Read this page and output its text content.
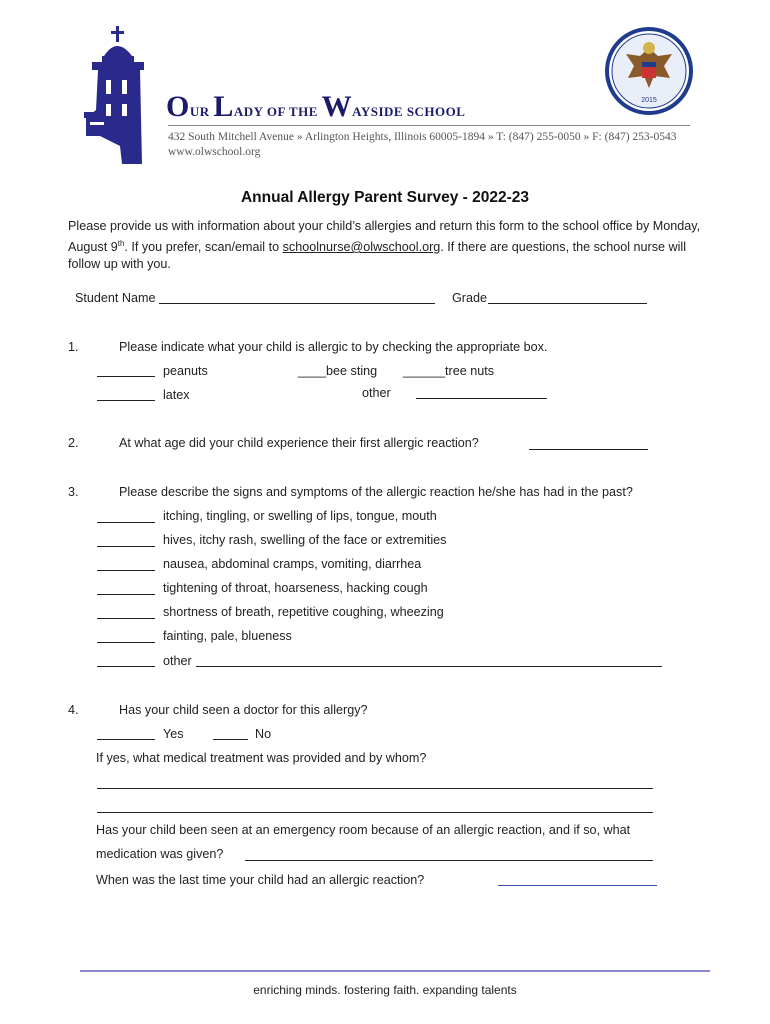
OUR LADY OF THE WAYSIDE SCHOOL
432 South Mitchell Avenue » Arlington Heights, Illinois 60005-1894 » T: (847) 255-0050 » F: (847) 253-0543
www.olwschool.org
2015
Annual Allergy Parent Survey - 2022-23
Please provide us with information about your child’s allergies and return this form to the school office by Monday, August 9th. If you prefer, scan/email to schoolnurse@olwschool.org. If there are questions, the school nurse will follow up with you.
Student Name	Grade
1.	Please indicate what your child is allergic to by checking the appropriate box.
peanuts	____bee sting ______tree nuts
latex	other
2.	At what age did your child experience their first allergic reaction?
3.	Please describe the signs and symptoms of the allergic reaction he/she has had in the past?
itching, tingling, or swelling of lips, tongue, mouth
hives, itchy rash, swelling of the face or extremities
nausea, abdominal cramps, vomiting, diarrhea
tightening of throat, hoarseness, hacking cough
shortness of breath, repetitive coughing, wheezing
fainting, pale, blueness
other
4.	Has your child seen a doctor for this allergy?
Yes	No
If yes, what medical treatment was provided and by whom?
Has your child been seen at an emergency room because of an allergic reaction, and if so, what
medication was given?
When was the last time your child had an allergic reaction?
enriching minds. fostering faith. expanding talents
